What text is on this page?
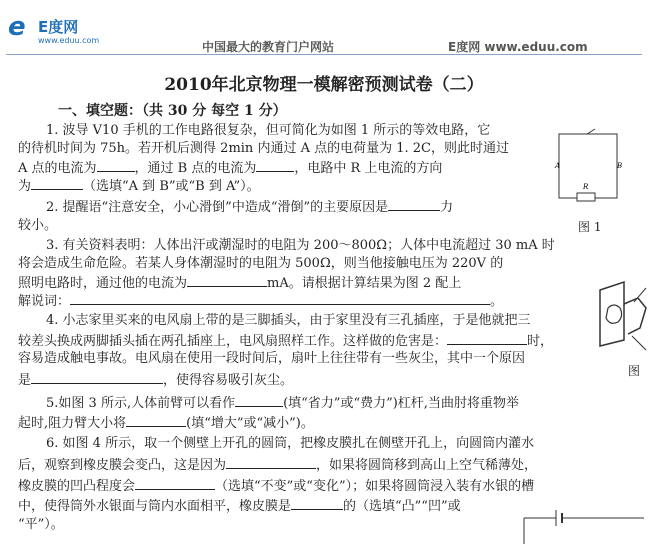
e E度网
www.eduu.com	中国最大的教育门户网站	E度网 www.eduu.com
2010年北京物理一模解密预测试卷（二）
一、填空题：（共 30 分 每空 1 分）
1. 波导 V10 手机的工作电路很复杂，但可简化为如图 1 所示的等效电路，它
的待机时间为 75h。若开机后测得 2min 内通过 A 点的电荷量为 1. 2C，则此时通过
A 点的电流为	，通过 B 点的电流为	，电路中 R 上电流的方向
为	（选填“A 到 B”或“B 到 A”）。
2. 提醒语“注意安全，小心滑倒”中造成“滑倒”的主要原因是	力
较小。
3. 有关资料表明：人体出汗或潮湿时的电阻为 200～800Ω；人体中电流超过 30 mA 时
将会造成生命危险。若某人身体潮湿时的电阻为 500Ω，则当他接触电压为 220V 的
照明电路时，通过他的电流为	mA。请根据计算结果为图 2 配上
解说词：	。
4. 小志家里买来的电风扇上带的是三脚插头，由于家里没有三孔插座，于是他就把三
较差头换成两脚插头插在两孔插座上，电风扇照样工作。这样做的危害是：	时，
容易造成触电事故。电风扇在使用一段时间后，扇叶上往往带有一些灰尘，其中一个原因
是	，使得容易吸引灰尘。
5.如图 3 所示,人体前臂可以看作	(填“省力”或“费力”)杠杆,当曲肘将重物举
起时,阻力臂大小将	(填“增大”或“减小”)。
6. 如图 4 所示，取一个侧壁上开孔的圆筒，把橡皮膜扎在侧壁开孔上，向圆筒内灌水
后，观察到橡皮膜会变凸，这是因为	，如果将圆筒移到高山上空气稀薄处，
橡皮膜的凹凸程度会	（选填“不变”或“变化”）；如果将圆筒浸入装有水银的槽
中，使得筒外水银面与筒内水面相平，橡皮膜是	的（选填“凸”“凹”或
“平”）。
A	B
R
图 1
图
